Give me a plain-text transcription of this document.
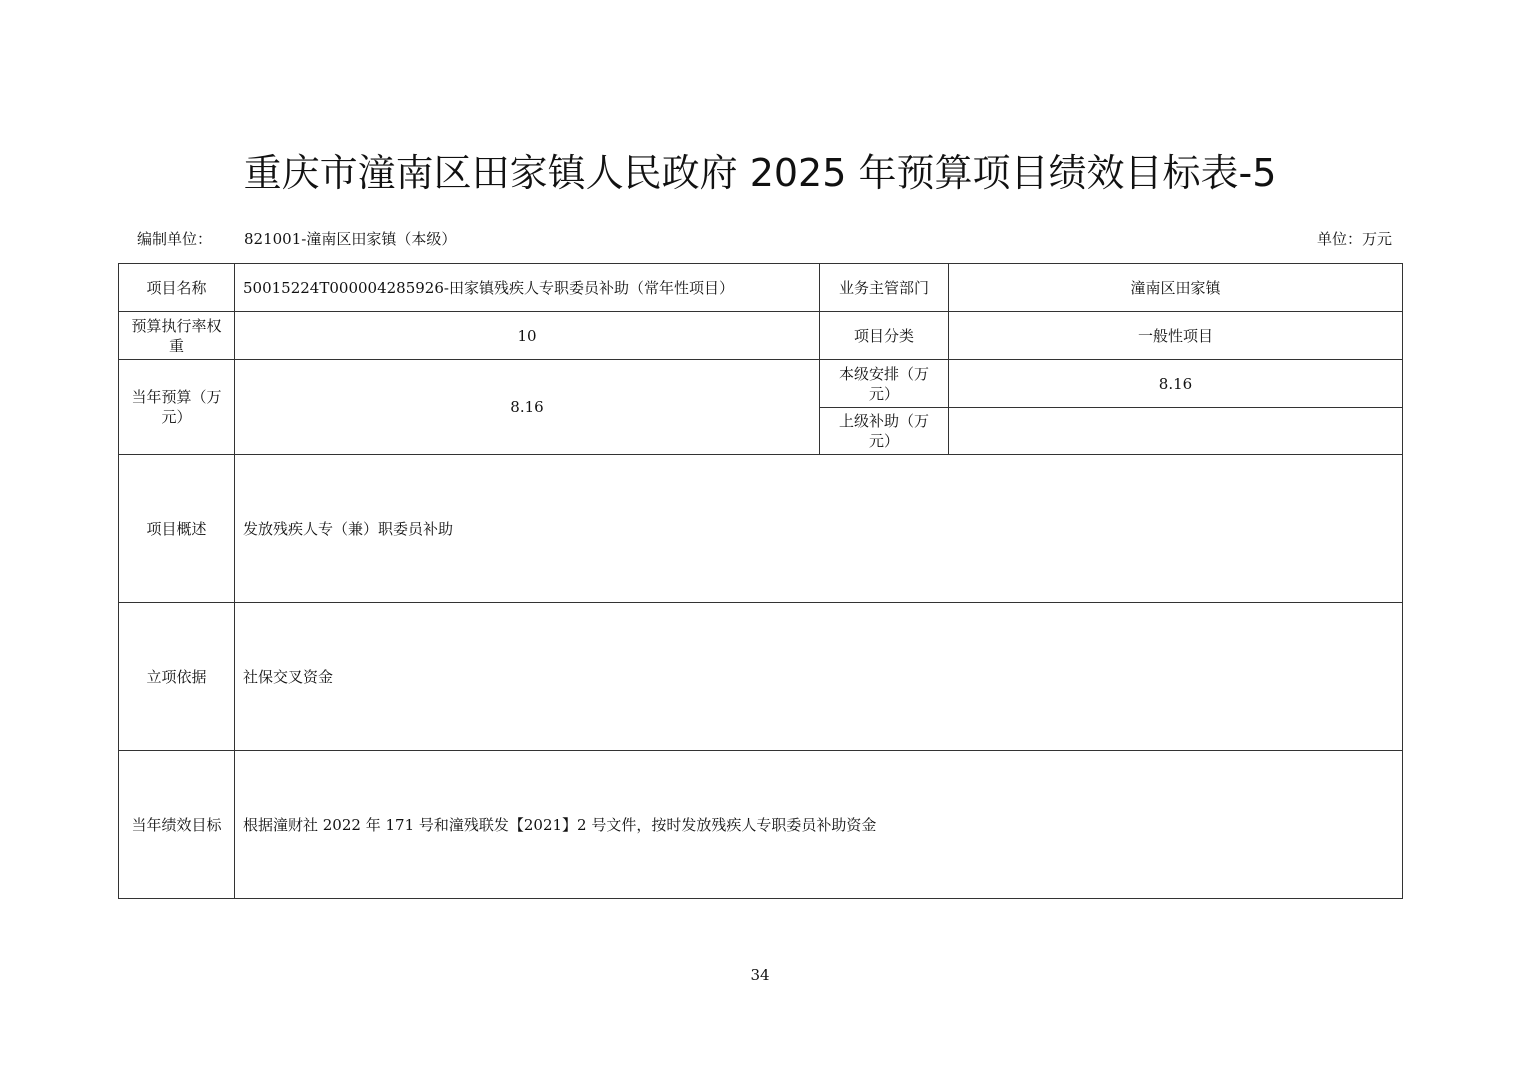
重庆市潼南区田家镇人民政府 2025 年预算项目绩效目标表-5
编制单位： 821001-潼南区田家镇（本级）	单位：万元
项目名称	50015224T000004285926-田家镇残疾人专职委员补助（常年性项目）	业务主管部门	潼南区田家镇
预算执行率权重	10	项目分类	一般性项目
当年预算（万元）	8.16	本级安排（万元）	8.16
		上级补助（万元）	
项目概述	发放残疾人专（兼）职委员补助		
立项依据	社保交叉资金		
当年绩效目标	根据潼财社 2022 年 171 号和潼残联发【2021】2 号文件，按时发放残疾人专职委员补助资金		
34
